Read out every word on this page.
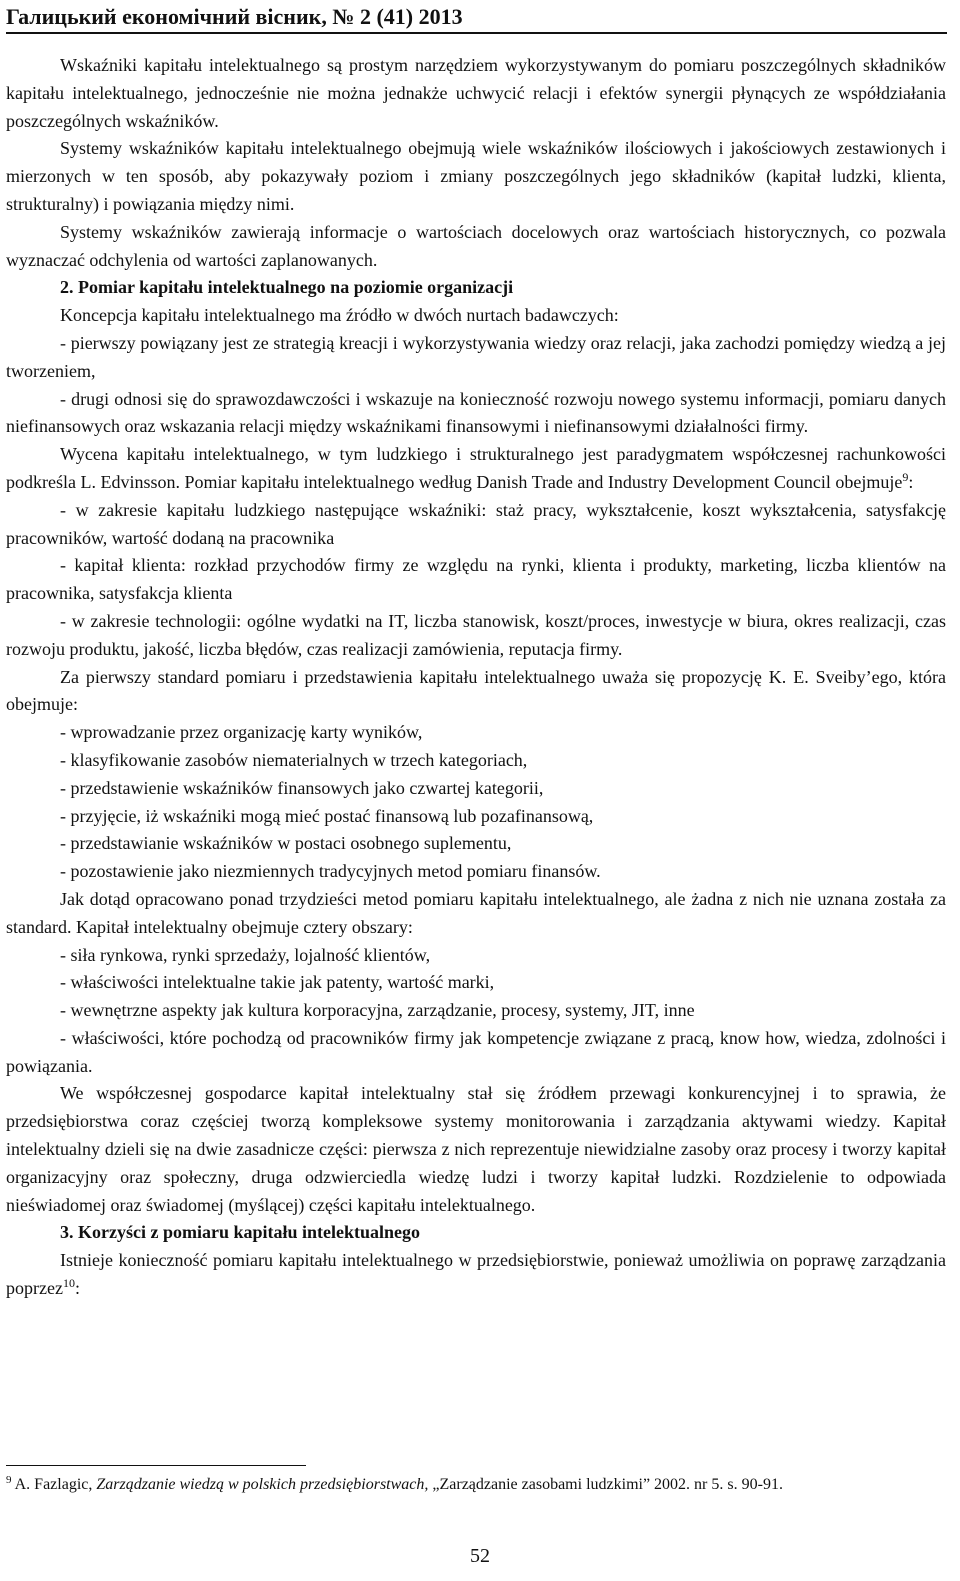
Галицький економічний вісник, № 2 (41) 2013

Wskaźniki kapitału intelektualnego są prostym narzędziem wykorzystywanym do pomiaru poszczególnych składników kapitału intelektualnego, jednocześnie nie można jednakże uchwycić relacji i efektów synergii płynących ze współdziałania poszczególnych wskaźników.

Systemy wskaźników kapitału intelektualnego obejmują wiele wskaźników ilościowych i jakościowych zestawionych i mierzonych w ten sposób, aby pokazywały poziom i zmiany poszczególnych jego składników (kapitał ludzki, klienta, strukturalny) i powiązania między nimi.

Systemy wskaźników zawierają informacje o wartościach docelowych oraz wartościach historycznych, co pozwala wyznaczać odchylenia od wartości zaplanowanych.

2. Pomiar kapitału intelektualnego na poziomie organizacji

Koncepcja kapitału intelektualnego ma źródło w dwóch nurtach badawczych:

- pierwszy powiązany jest ze strategią kreacji i wykorzystywania wiedzy oraz relacji, jaka zachodzi pomiędzy wiedzą a jej tworzeniem,

- drugi odnosi się do sprawozdawczości i wskazuje na konieczność rozwoju nowego systemu informacji, pomiaru danych niefinansowych oraz wskazania relacji między wskaźnikami finansowymi i niefinansowymi działalności firmy.

Wycena kapitału intelektualnego, w tym ludzkiego i strukturalnego jest paradygmatem współczesnej rachunkowości podkreśla L. Edvinsson. Pomiar kapitału intelektualnego według Danish Trade and Industry Development Council obejmuje$^9$:

- w zakresie kapitału ludzkiego następujące wskaźniki: staż pracy, wykształcenie, koszt wykształcenia, satysfakcję pracowników, wartość dodaną na pracownika

- kapitał klienta: rozkład przychodów firmy ze względu na rynki, klienta i produkty, marketing, liczba klientów na pracownika, satysfakcja klienta

- w zakresie technologii: ogólne wydatki na IT, liczba stanowisk, koszt/proces, inwestycje w biura, okres realizacji, czas rozwoju produktu, jakość, liczba błędów, czas realizacji zamówienia, reputacja firmy.

Za pierwszy standard pomiaru i przedstawienia kapitału intelektualnego uważa się propozycję K. E. Sveiby’ego, która obejmuje:

- wprowadzanie przez organizację karty wyników,

- klasyfikowanie zasobów niematerialnych w trzech kategoriach,

- przedstawienie wskaźników finansowych jako czwartej kategorii,

- przyjęcie, iż wskaźniki mogą mieć postać finansową lub pozafinansową,

- przedstawianie wskaźników w postaci osobnego suplementu,

- pozostawienie jako niezmiennych tradycyjnych metod pomiaru finansów.

Jak dotąd opracowano ponad trzydzieści metod pomiaru kapitału intelektualnego, ale żadna z nich nie uznana została za standard. Kapitał intelektualny obejmuje cztery obszary:

- siła rynkowa, rynki sprzedaży, lojalność klientów,

- właściwości intelektualne takie jak patenty, wartość marki,

- wewnętrzne aspekty jak kultura korporacyjna, zarządzanie, procesy, systemy, JIT, inne

- właściwości, które pochodzą od pracowników firmy jak kompetencje związane z pracą, know how, wiedza, zdolności i powiązania.

We współczesnej gospodarce kapitał intelektualny stał się źródłem przewagi konkurencyjnej i to sprawia, że przedsiębiorstwa coraz częściej tworzą kompleksowe systemy monitorowania i zarządzania aktywami wiedzy. Kapitał intelektualny dzieli się na dwie zasadnicze części: pierwsza z nich reprezentuje niewidzialne zasoby oraz procesy i tworzy kapitał organizacyjny oraz społeczny, druga odzwierciedla wiedzę ludzi i tworzy kapitał ludzki. Rozdzielenie to odpowiada nieświadomej oraz świadomej (myślącej) części kapitału intelektualnego.

3. Korzyści z pomiaru kapitału intelektualnego

Istnieje konieczność pomiaru kapitału intelektualnego w przedsiębiorstwie, ponieważ umożliwia on poprawę zarządzania poprzez$^{10}$:

$^9$ A. Fazlagic, Zarządzanie wiedzą w polskich przedsiębiorstwach, „Zarządzanie zasobami ludzkimi” 2002. nr 5. s. 90-91.

52
